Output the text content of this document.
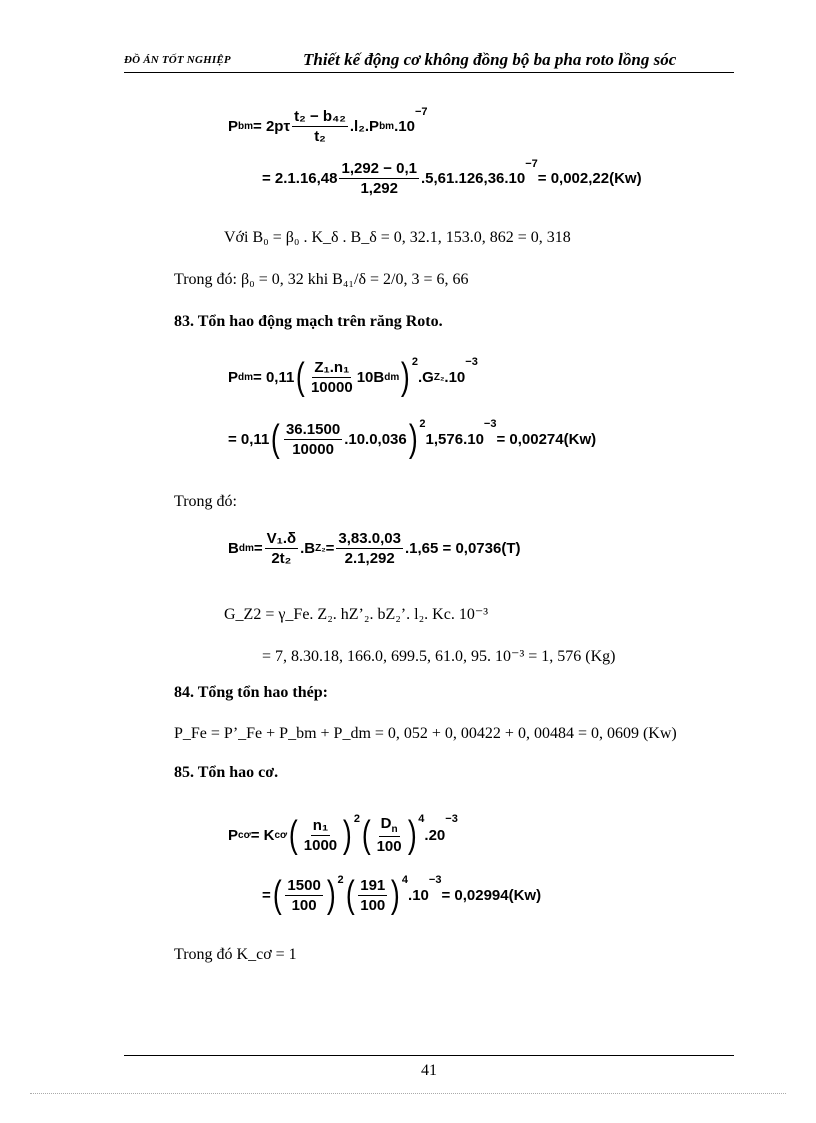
ĐỒ ÁN TỐT NGHIỆP	Thiết kế động cơ không đồng bộ ba pha roto lồng sóc
P bm = $2p\tau \frac{\text{t₂ − b₄₂}}{\text{t₂}} .l_2.P$ bm .10
−7
= $2.1.16,48 \frac{1,292 - 0,1}{1,292} .5,61.126,36.10$
−7
= 0,002,22(Kw)
Với B₀ = β₀ . K_δ . B_δ = 0, 32.1, 153.0, 862 = 0, 318
Trong đó: β₀ = 0, 32 khi B₄₁/δ = 2/0, 3 = 6, 66
83. Tổn hao động mạch trên răng Roto.
P dm = 0,11 ( $\frac{\text{Z₁.n₁}}{10000} 10B$ dm ) 2
.G Z₂ .10
−3
= 0,11 ( $\frac{36.1500}{10000} .10.0,036$ ) 2
1,576.10
−3
= 0,00274(Kw)
Trong đó:
B dm = $\frac{\text{V₁.δ}}{\text{2t₂}} .B$ $Z_2 = \frac{3,83.0,03}{2.1,292} .1,65 = 0,0736(T)$
G_Z2 = γ_Fe. Z₂. hZ’₂. bZ₂’. l₂. Kc. 10⁻³
= 7, 8.30.18, 166.0, 699.5, 61.0, 95. 10⁻³ = 1, 576 (Kg)
84. Tổng tổn hao thép:
P_Fe = P’_Fe + P_bm + P_dm = 0, 052 + 0, 00422 + 0, 00484 = 0, 0609 (Kw)
85. Tổn hao cơ.
P cơ = K cơ ( $\frac{\text{n₁}}{1000}$ ) 2 ( $\frac{D_n}{100}$ ) 4
.20
−3
= ( $\frac{1500}{100}$ ) 2 ( $\frac{191}{100}$ ) 4
.10
−3
= 0,02994(Kw)
Trong đó K_cơ = 1
41
